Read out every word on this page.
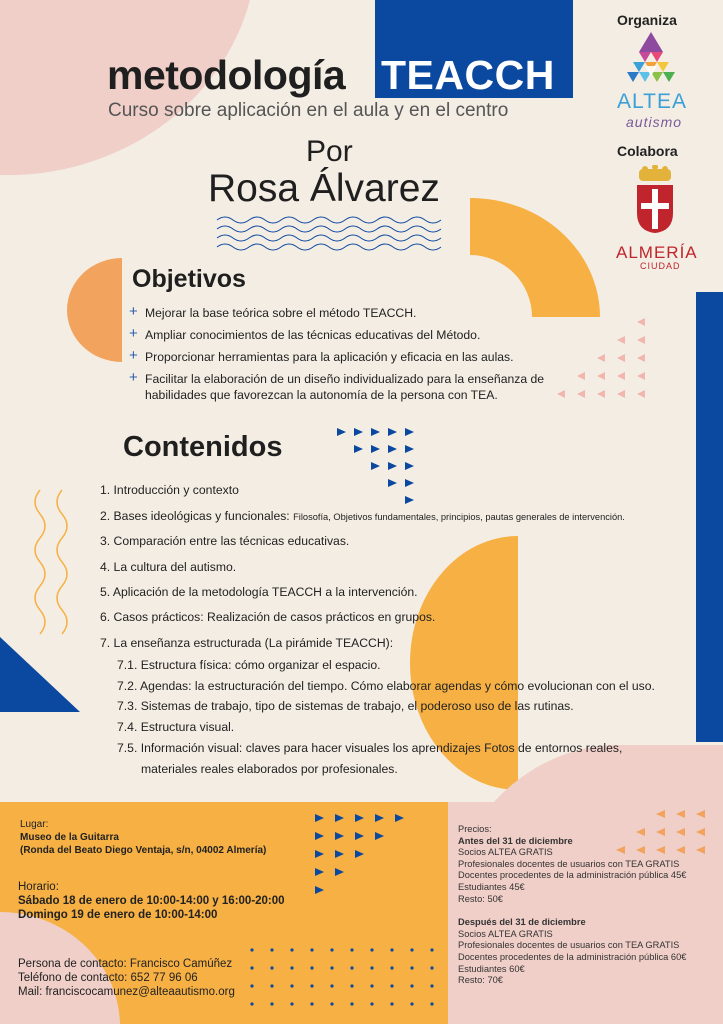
TEACCH
metodología
Curso sobre aplicación en el aula y en el centro
Por
Rosa Álvarez
Organiza
ALTEA
autismo
Colabora
ALMERÍA
CIUDAD
Objetivos
+ Mejorar la base teórica sobre el método TEACCH.
+ Ampliar conocimientos de las técnicas educativas del Método.
+ Proporcionar herramientas para la aplicación y eficacia en las aulas.
+ Facilitar la elaboración de un diseño individualizado para la enseñanza de habilidades que favorezcan la autonomía de la persona con TEA.
Contenidos
1. Introducción y contexto
2. Bases ideológicas y funcionales: Filosofía, Objetivos fundamentales, principios, pautas generales de intervención.
3. Comparación entre las técnicas educativas.
4. La cultura del autismo.
5. Aplicación de la metodología TEACCH a la intervención.
6. Casos prácticos: Realización de casos prácticos en grupos.
7. La enseñanza estructurada (La pirámide TEACCH):
7.1. Estructura física: cómo organizar el espacio.
7.2. Agendas: la estructuración del tiempo. Cómo elaborar agendas y cómo evolucionan con el uso.
7.3. Sistemas de trabajo, tipo de sistemas de trabajo, el poderoso uso de las rutinas.
7.4. Estructura visual.
7.5. Información visual: claves para hacer visuales los aprendizajes Fotos de entornos reales,
materiales reales elaborados por profesionales.
Lugar:
Museo de la Guitarra
(Ronda del Beato Diego Ventaja, s/n, 04002 Almería)
Horario:
Sábado 18 de enero de 10:00-14:00 y 16:00-20:00
Domingo 19 de enero de 10:00-14:00
Persona de contacto: Francisco Camúñez
Teléfono de contacto: 652 77 96 06
Mail: franciscocamunez@alteaautismo.org
Precios:
Antes del 31 de diciembre
Socios ALTEA GRATIS
Profesionales docentes de usuarios con TEA GRATIS
Docentes procedentes de la administración pública 45€
Estudiantes 45€
Resto: 50€
Después del 31 de diciembre
Socios ALTEA GRATIS
Profesionales docentes de usuarios con TEA GRATIS
Docentes procedentes de la administración pública 60€
Estudiantes 60€
Resto: 70€
